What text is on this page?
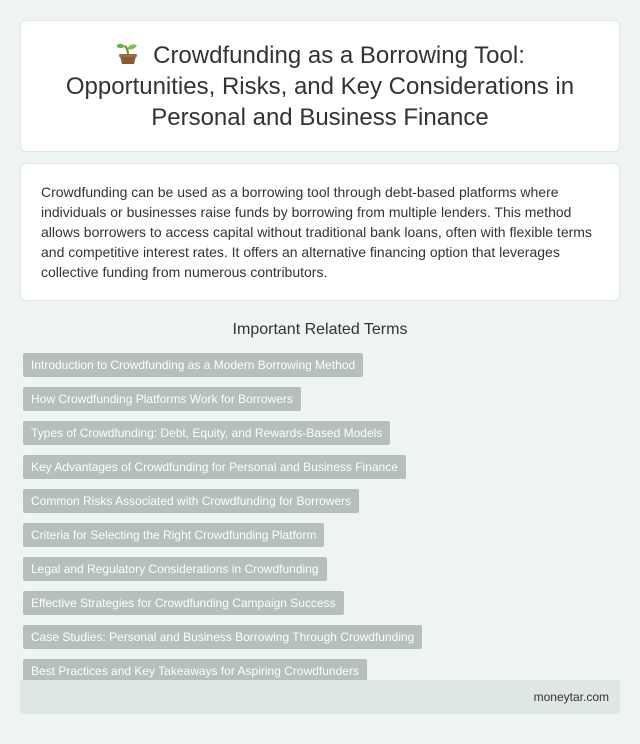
Crowdfunding as a Borrowing Tool: Opportunities, Risks, and Key Considerations in Personal and Business Finance

Crowdfunding can be used as a borrowing tool through debt-based platforms where individuals or businesses raise funds by borrowing from multiple lenders. This method allows borrowers to access capital without traditional bank loans, often with flexible terms and competitive interest rates. It offers an alternative financing option that leverages collective funding from numerous contributors.

Important Related Terms
Introduction to Crowdfunding as a Modern Borrowing Method
How Crowdfunding Platforms Work for Borrowers
Types of Crowdfunding: Debt, Equity, and Rewards-Based Models
Key Advantages of Crowdfunding for Personal and Business Finance
Common Risks Associated with Crowdfunding for Borrowers
Criteria for Selecting the Right Crowdfunding Platform
Legal and Regulatory Considerations in Crowdfunding
Effective Strategies for Crowdfunding Campaign Success
Case Studies: Personal and Business Borrowing Through Crowdfunding
Best Practices and Key Takeaways for Aspiring Crowdfunders
moneytar.com
